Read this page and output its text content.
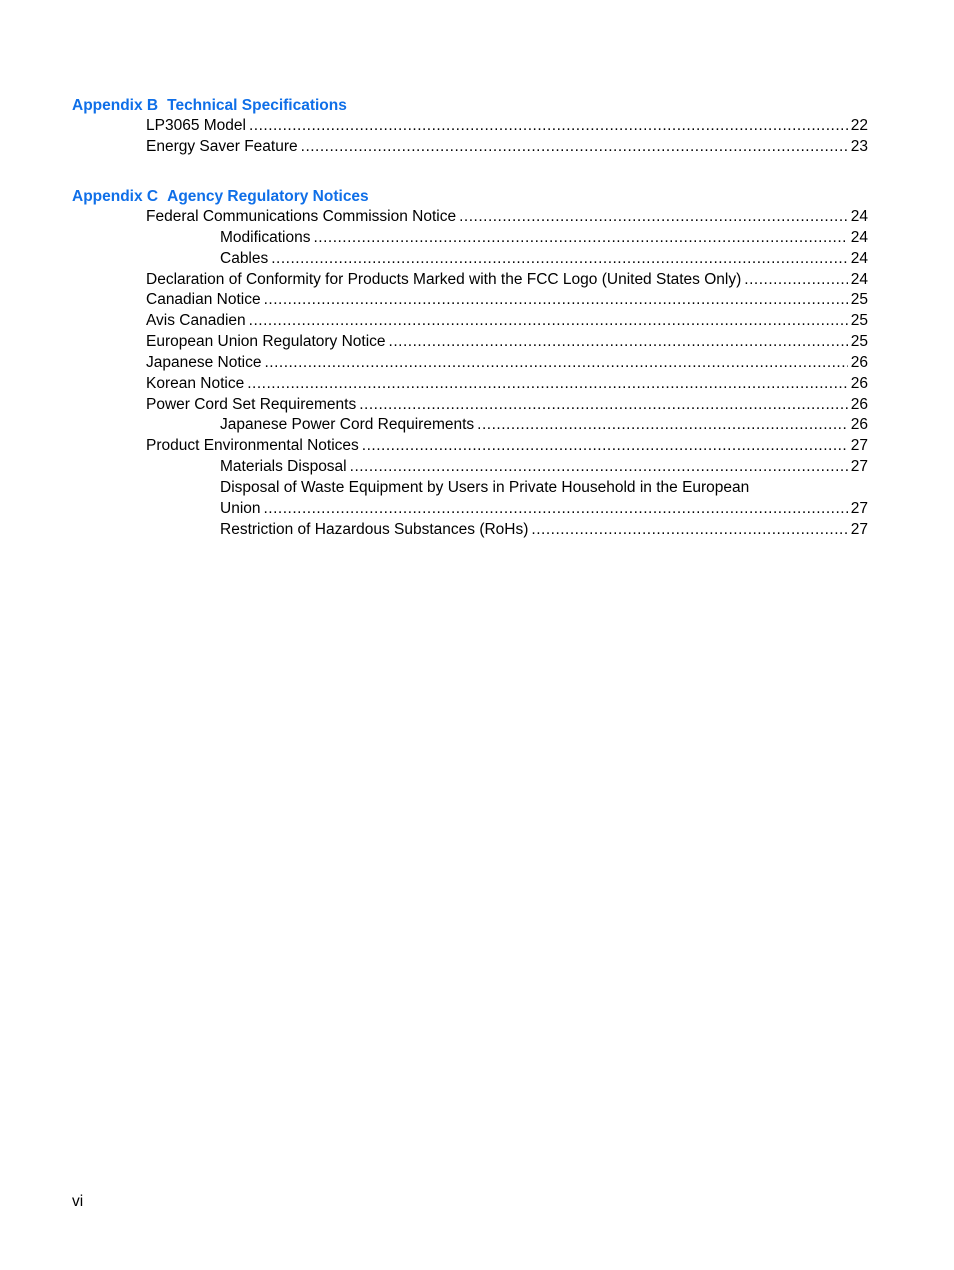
Appendix B Technical Specifications
LP3065 Model .....	22
Energy Saver Feature .....	23
Appendix C Agency Regulatory Notices
Federal Communications Commission Notice .....	24
Modifications .....	24
Cables .....	24
Declaration of Conformity for Products Marked with the FCC Logo (United States Only) .....	24
Canadian Notice .....	25
Avis Canadien .....	25
European Union Regulatory Notice .....	25
Japanese Notice .....	26
Korean Notice .....	26
Power Cord Set Requirements .....	26
Japanese Power Cord Requirements .....	26
Product Environmental Notices .....	27
Materials Disposal .....	27
Disposal of Waste Equipment by Users in Private Household in the European
Union .....	27
Restriction of Hazardous Substances (RoHs) .....	27
vi
